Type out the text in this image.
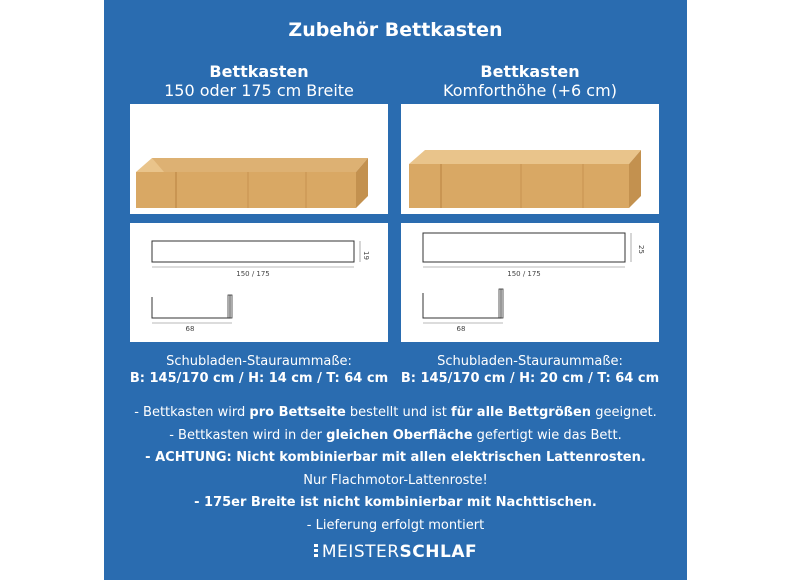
Zubehör Bettkasten
Bettkasten
150 oder 175 cm Breite
Bettkasten
Komforthöhe (+6 cm)
19
150 / 175
68
25
150 / 175
68
Schubladen-Stauraummaße:
B: 145/170 cm / H: 14 cm / T: 64 cm
Schubladen-Stauraummaße:
B: 145/170 cm / H: 20 cm / T: 64 cm
- Bettkasten wird pro Bettseite bestellt und ist für alle Bettgrößen geeignet.
- Bettkasten wird in der gleichen Oberfläche gefertigt wie das Bett.
- ACHTUNG: Nicht kombinierbar mit allen elektrischen Lattenrosten.
Nur Flachmotor-Lattenroste!
- 175er Breite ist nicht kombinierbar mit Nachttischen.
- Lieferung erfolgt montiert
MEISTERSCHLAF
